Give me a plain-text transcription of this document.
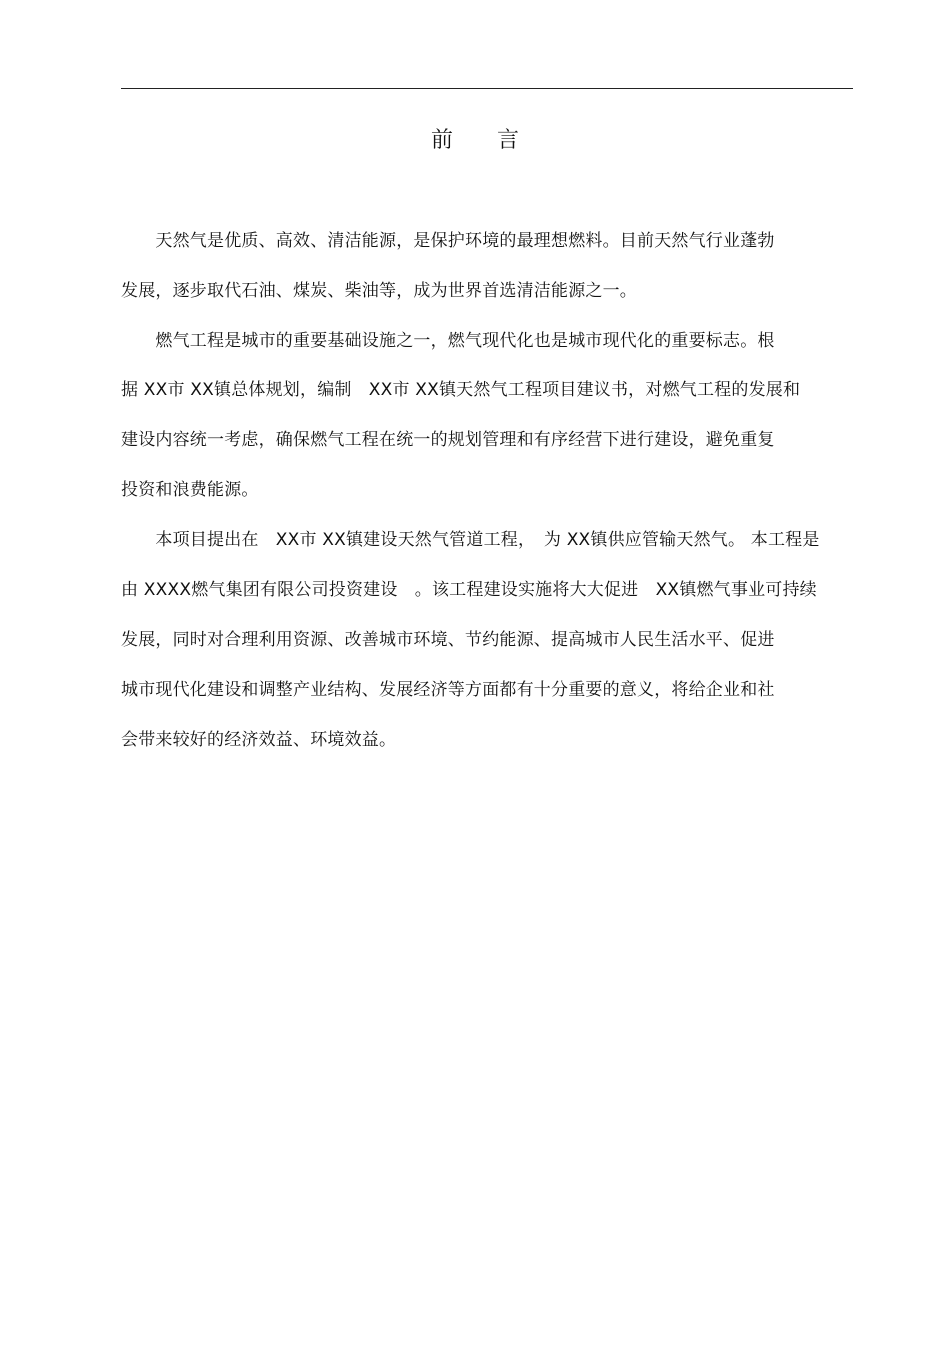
前　　言
　　天然气是优质、高效、清洁能源，是保护环境的最理想燃料。目前天然气行业蓬勃
发展，逐步取代石油、煤炭、柴油等，成为世界首选清洁能源之一。
　　燃气工程是城市的重要基础设施之一，燃气现代化也是城市现代化的重要标志。根
据 XX市 XX镇总体规划，编制　XX市 XX镇天然气工程项目建议书，对燃气工程的发展和
建设内容统一考虑，确保燃气工程在统一的规划管理和有序经营下进行建设，避免重复
投资和浪费能源。
　　本项目提出在　XX市 XX镇建设天然气管道工程，　为 XX镇供应管输天然气。 本工程是
由 XXXX燃气集团有限公司投资建设　。该工程建设实施将大大促进　XX镇燃气事业可持续
发展，同时对合理利用资源、改善城市环境、节约能源、提高城市人民生活水平、促进
城市现代化建设和调整产业结构、发展经济等方面都有十分重要的意义，将给企业和社
会带来较好的经济效益、环境效益。
